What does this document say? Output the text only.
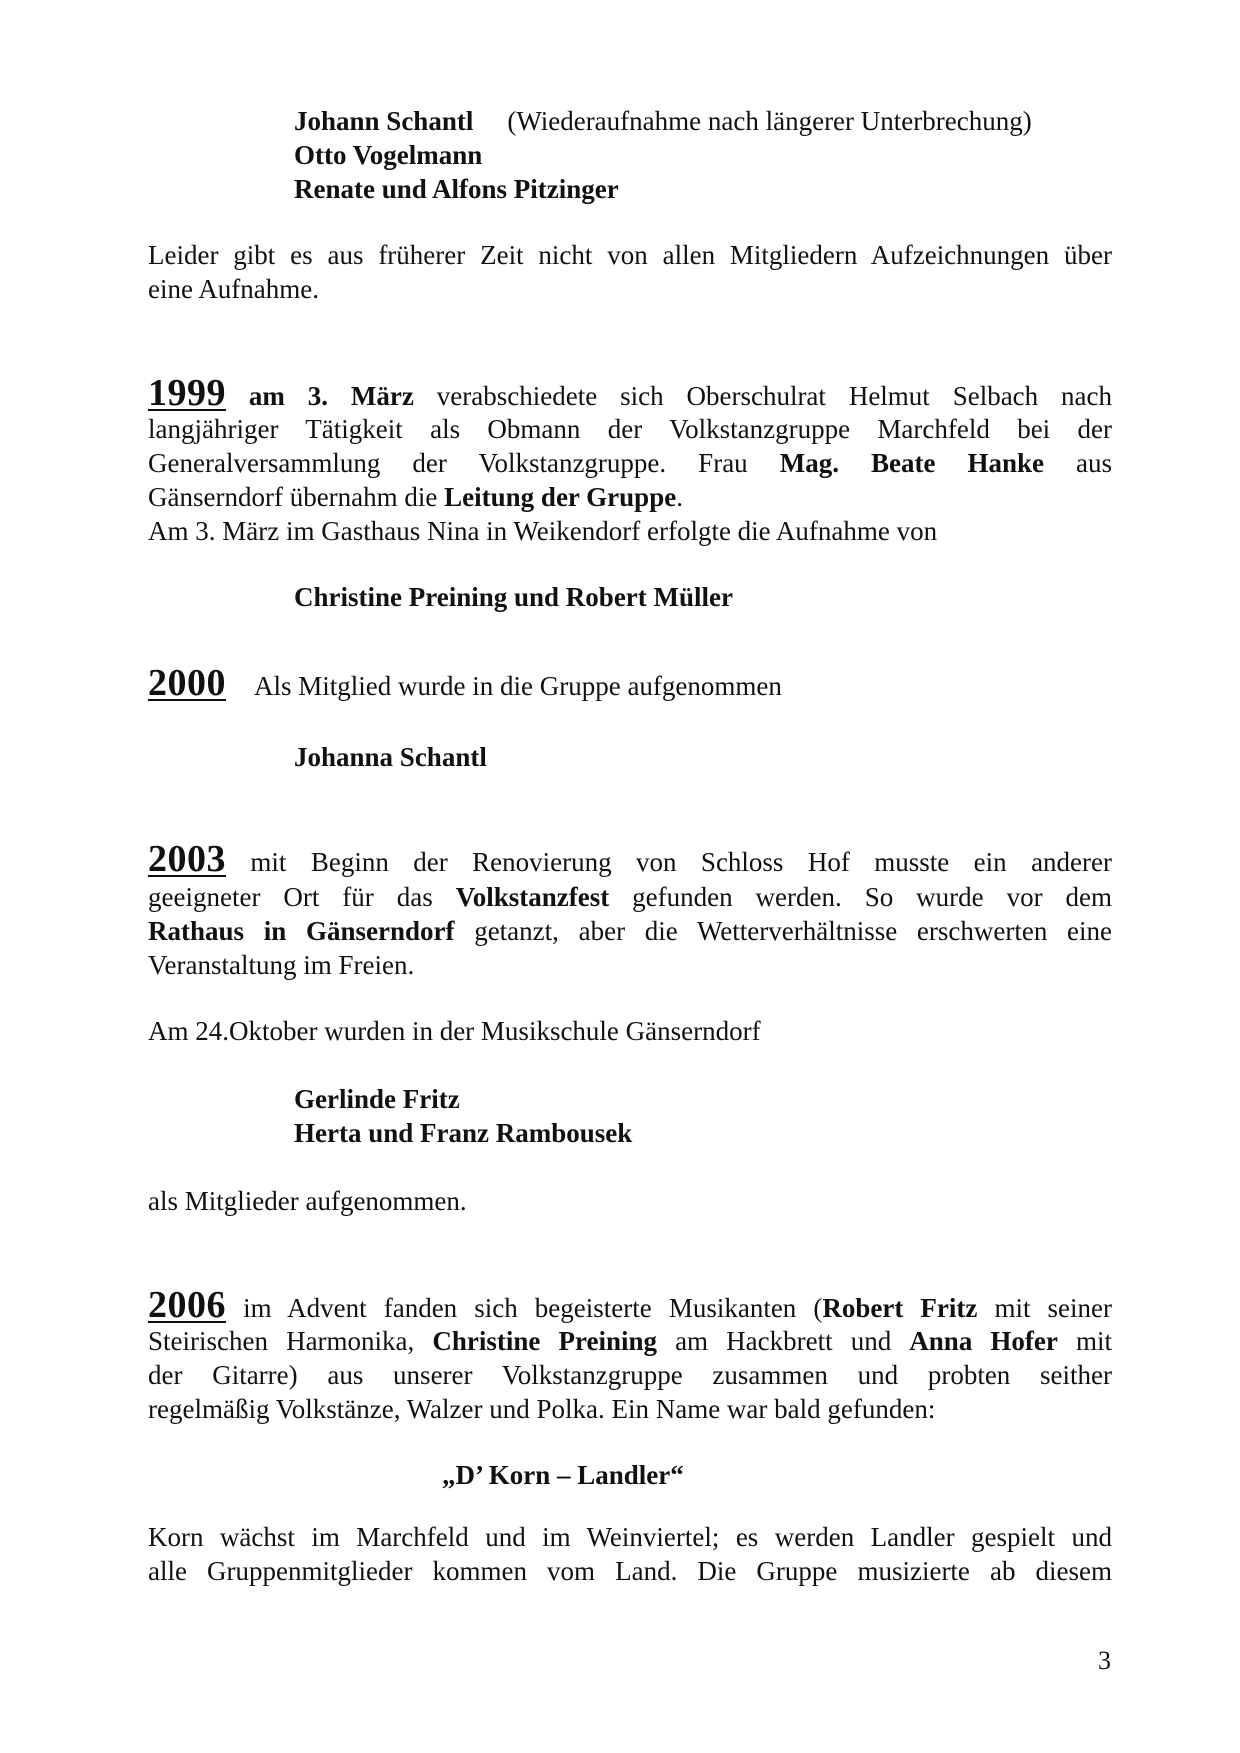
Johann Schantl (Wiederaufnahme nach längerer Unterbrechung)
Otto Vogelmann
Renate und Alfons Pitzinger
Leider gibt es aus früherer Zeit nicht von allen Mitgliedern Aufzeichnungen über
eine Aufnahme.
1999 am 3. März verabschiedete sich Oberschulrat Helmut Selbach nach
langjähriger Tätigkeit als Obmann der Volkstanzgruppe Marchfeld bei der
Generalversammlung der Volkstanzgruppe. Frau Mag. Beate Hanke aus
Gänserndorf übernahm die Leitung der Gruppe.
Am 3. März im Gasthaus Nina in Weikendorf erfolgte die Aufnahme von
Christine Preining und Robert Müller
2000 Als Mitglied wurde in die Gruppe aufgenommen
Johanna Schantl
2003 mit Beginn der Renovierung von Schloss Hof musste ein anderer
geeigneter Ort für das Volkstanzfest gefunden werden. So wurde vor dem
Rathaus in Gänserndorf getanzt, aber die Wetterverhältnisse erschwerten eine
Veranstaltung im Freien.
Am 24.Oktober wurden in der Musikschule Gänserndorf
Gerlinde Fritz
Herta und Franz Rambousek
als Mitglieder aufgenommen.
2006 im Advent fanden sich begeisterte Musikanten (Robert Fritz mit seiner
Steirischen Harmonika, Christine Preining am Hackbrett und Anna Hofer mit
der Gitarre) aus unserer Volkstanzgruppe zusammen und probten seither
regelmäßig Volkstänze, Walzer und Polka. Ein Name war bald gefunden:
„D’ Korn – Landler“
Korn wächst im Marchfeld und im Weinviertel; es werden Landler gespielt und
alle Gruppenmitglieder kommen vom Land. Die Gruppe musizierte ab diesem
3
